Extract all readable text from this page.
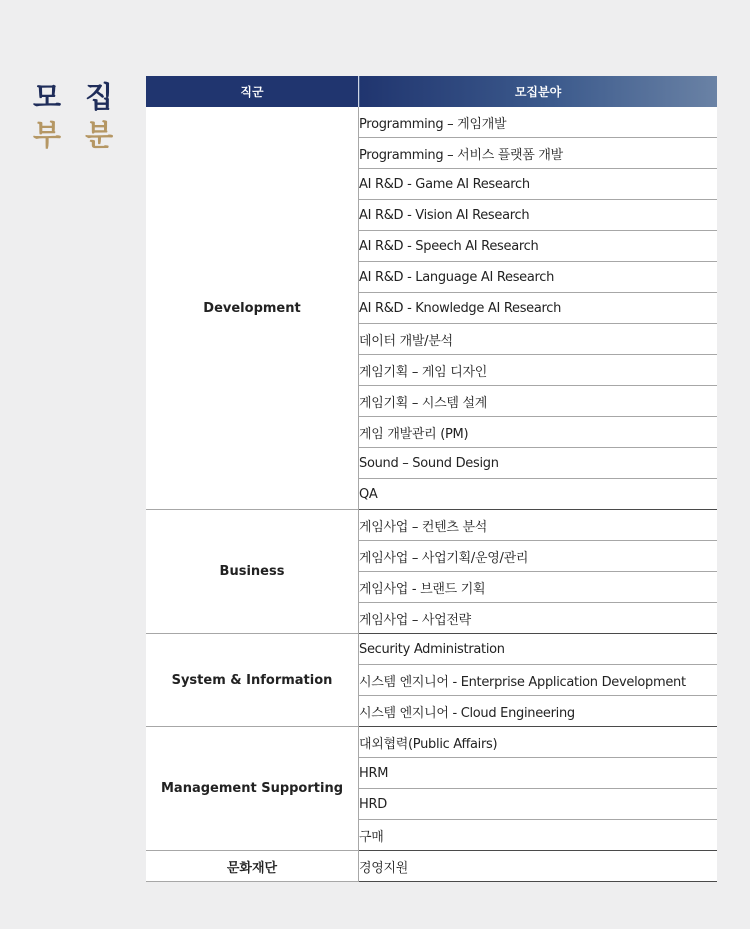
모 집
부 분
직군	모집분야
Development	Programming – 게임개발
	Programming – 서비스 플랫폼 개발
	AI R&D - Game AI Research
	AI R&D - Vision AI Research
	AI R&D - Speech AI Research
	AI R&D - Language AI Research
	AI R&D - Knowledge AI Research
	데이터 개발/분석
	게임기획 – 게임 디자인
	게임기획 – 시스템 설계
	게임 개발관리 (PM)
	Sound – Sound Design
	QA
Business	게임사업 – 컨텐츠 분석
	게임사업 – 사업기획/운영/관리
	게임사업 - 브랜드 기획
	게임사업 – 사업전략
System & Information	Security Administration
	시스템 엔지니어 - Enterprise Application Development
	시스템 엔지니어 - Cloud Engineering
Management Supporting	대외협력(Public Affairs)
	HRM
	HRD
	구매
문화재단	경영지원
